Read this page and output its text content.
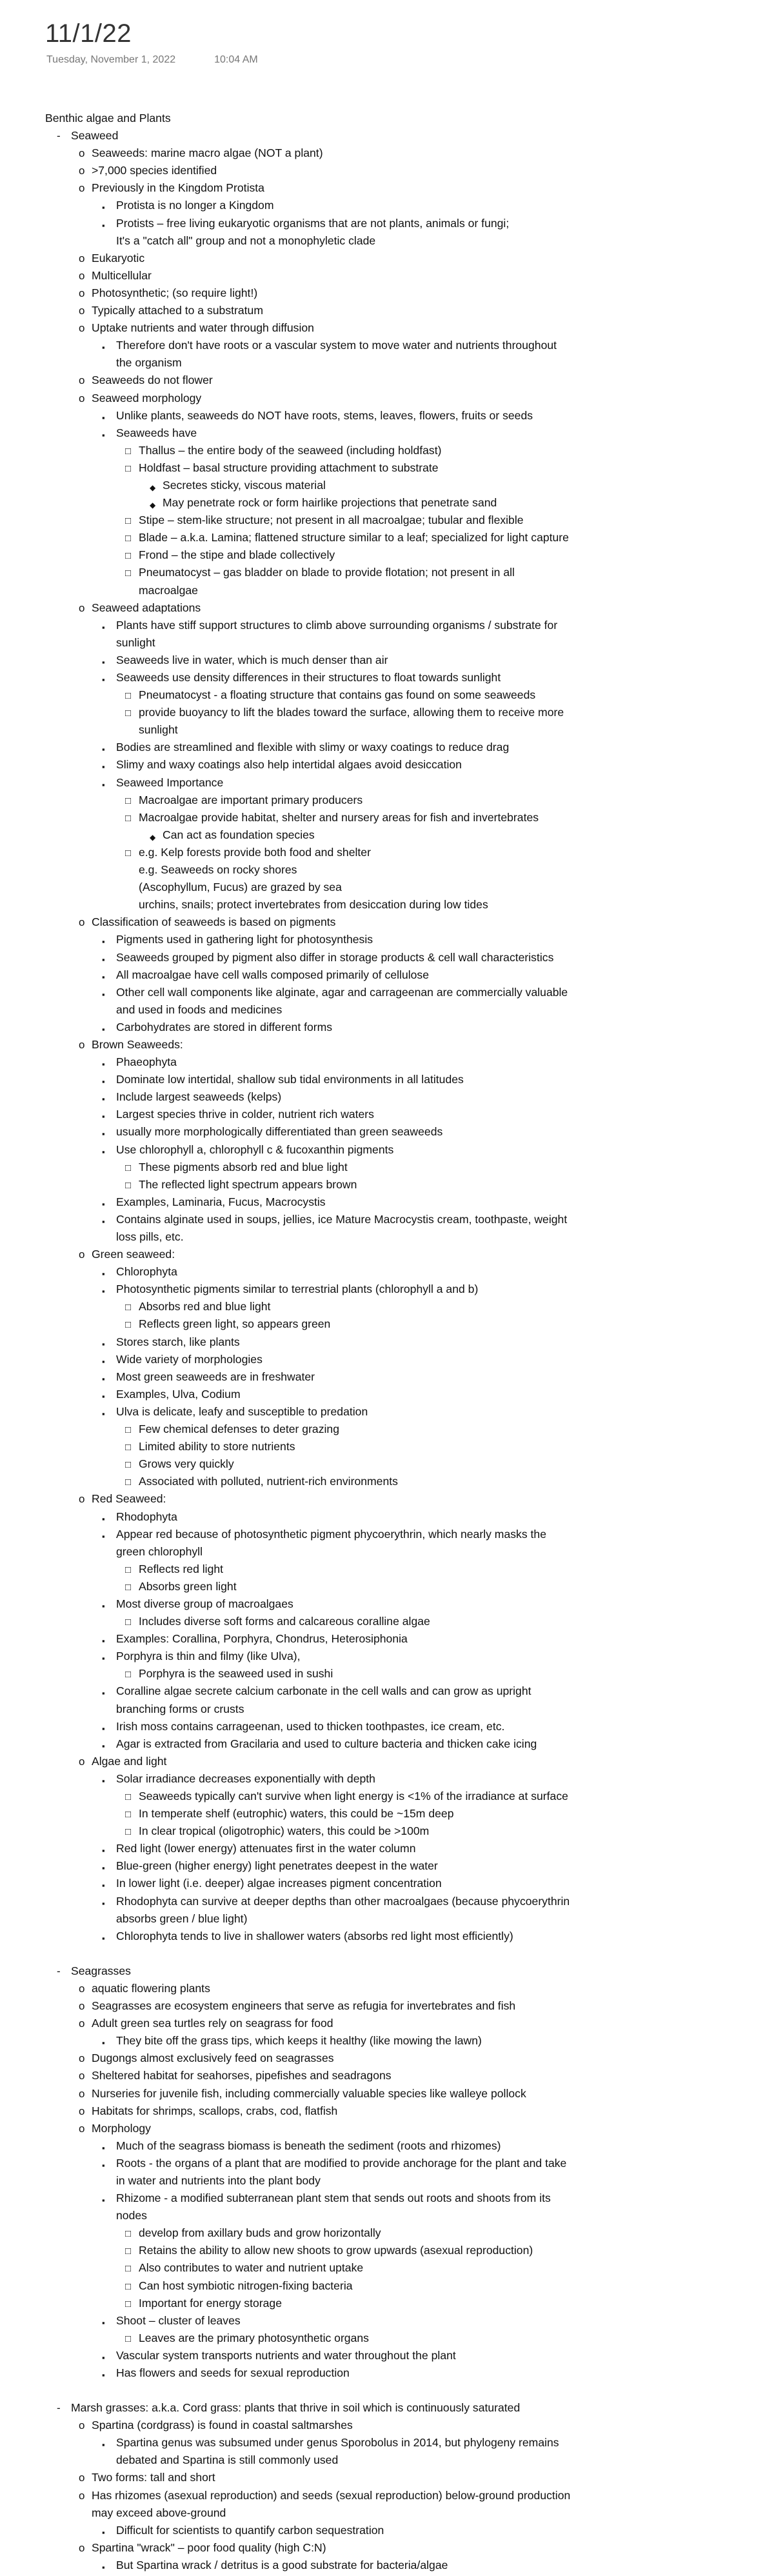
11/1/22
Tuesday, November 1, 2022	10:04 AM
Benthic algae and Plants
- Seaweed
o Seaweeds: marine macro algae (NOT a plant)
o >7,000 species identified
o Previously in the Kingdom Protista
▪ Protista is no longer a Kingdom
▪ Protists – free living eukaryotic organisms that are not plants, animals or fungi;
It's a "catch all" group and not a monophyletic clade
o Eukaryotic
o Multicellular
o Photosynthetic; (so require light!)
o Typically attached to a substratum
o Uptake nutrients and water through diffusion
▪ Therefore don't have roots or a vascular system to move water and nutrients throughout
the organism
o Seaweeds do not flower
o Seaweed morphology
▪ Unlike plants, seaweeds do NOT have roots, stems, leaves, flowers, fruits or seeds
▪ Seaweeds have
□ Thallus – the entire body of the seaweed (including holdfast)
□ Holdfast – basal structure providing attachment to substrate
◆ Secretes sticky, viscous material
◆ May penetrate rock or form hairlike projections that penetrate sand
□ Stipe – stem-like structure; not present in all macroalgae; tubular and flexible
□ Blade – a.k.a. Lamina; flattened structure similar to a leaf; specialized for light capture
□ Frond – the stipe and blade collectively
□ Pneumatocyst – gas bladder on blade to provide flotation; not present in all
macroalgae
o Seaweed adaptations
▪ Plants have stiff support structures to climb above surrounding organisms / substrate for
sunlight
▪ Seaweeds live in water, which is much denser than air
▪ Seaweeds use density differences in their structures to float towards sunlight
□ Pneumatocyst - a floating structure that contains gas found on some seaweeds
□ provide buoyancy to lift the blades toward the surface, allowing them to receive more
sunlight
▪ Bodies are streamlined and flexible with slimy or waxy coatings to reduce drag
▪ Slimy and waxy coatings also help intertidal algaes avoid desiccation
▪ Seaweed Importance
□ Macroalgae are important primary producers
□ Macroalgae provide habitat, shelter and nursery areas for fish and invertebrates
◆ Can act as foundation species
□ e.g. Kelp forests provide both food and shelter
e.g. Seaweeds on rocky shores
(Ascophyllum, Fucus) are grazed by sea
urchins, snails; protect invertebrates from desiccation during low tides
o Classification of seaweeds is based on pigments
▪ Pigments used in gathering light for photosynthesis
▪ Seaweeds grouped by pigment also differ in storage products & cell wall characteristics
▪ All macroalgae have cell walls composed primarily of cellulose
▪ Other cell wall components like alginate, agar and carrageenan are commercially valuable
and used in foods and medicines
▪ Carbohydrates are stored in different forms
o Brown Seaweeds:
▪ Phaeophyta
▪ Dominate low intertidal, shallow sub tidal environments in all latitudes
▪ Include largest seaweeds (kelps)
▪ Largest species thrive in colder, nutrient rich waters
▪ usually more morphologically differentiated than green seaweeds
▪ Use chlorophyll a, chlorophyll c & fucoxanthin pigments
□ These pigments absorb red and blue light
□ The reflected light spectrum appears brown
▪ Examples, Laminaria, Fucus, Macrocystis
▪ Contains alginate used in soups, jellies, ice Mature Macrocystis cream, toothpaste, weight
loss pills, etc.
o Green seaweed:
▪ Chlorophyta
▪ Photosynthetic pigments similar to terrestrial plants (chlorophyll a and b)
□ Absorbs red and blue light
□ Reflects green light, so appears green
▪ Stores starch, like plants
▪ Wide variety of morphologies
▪ Most green seaweeds are in freshwater
▪ Examples, Ulva, Codium
▪ Ulva is delicate, leafy and susceptible to predation
□ Few chemical defenses to deter grazing
□ Limited ability to store nutrients
□ Grows very quickly
□ Associated with polluted, nutrient-rich environments
o Red Seaweed:
▪ Rhodophyta
▪ Appear red because of photosynthetic pigment phycoerythrin, which nearly masks the
green chlorophyll
□ Reflects red light
□ Absorbs green light
▪ Most diverse group of macroalgaes
□ Includes diverse soft forms and calcareous coralline algae
▪ Examples: Corallina, Porphyra, Chondrus, Heterosiphonia
▪ Porphyra is thin and filmy (like Ulva),
□ Porphyra is the seaweed used in sushi
▪ Coralline algae secrete calcium carbonate in the cell walls and can grow as upright
branching forms or crusts
▪ Irish moss contains carrageenan, used to thicken toothpastes, ice cream, etc.
▪ Agar is extracted from Gracilaria and used to culture bacteria and thicken cake icing
o Algae and light
▪ Solar irradiance decreases exponentially with depth
□ Seaweeds typically can't survive when light energy is <1% of the irradiance at surface
□ In temperate shelf (eutrophic) waters, this could be ~15m deep
□ In clear tropical (oligotrophic) waters, this could be >100m
▪ Red light (lower energy) attenuates first in the water column
▪ Blue-green (higher energy) light penetrates deepest in the water
▪ In lower light (i.e. deeper) algae increases pigment concentration
▪ Rhodophyta can survive at deeper depths than other macroalgaes (because phycoerythrin
absorbs green / blue light)
▪ Chlorophyta tends to live in shallower waters (absorbs red light most efficiently)
- Seagrasses
o aquatic flowering plants
o Seagrasses are ecosystem engineers that serve as refugia for invertebrates and fish
o Adult green sea turtles rely on seagrass for food
▪ They bite off the grass tips, which keeps it healthy (like mowing the lawn)
o Dugongs almost exclusively feed on seagrasses
o Sheltered habitat for seahorses, pipefishes and seadragons
o Nurseries for juvenile fish, including commercially valuable species like walleye pollock
o Habitats for shrimps, scallops, crabs, cod, flatfish
o Morphology
▪ Much of the seagrass biomass is beneath the sediment (roots and rhizomes)
▪ Roots - the organs of a plant that are modified to provide anchorage for the plant and take
in water and nutrients into the plant body
▪ Rhizome - a modified subterranean plant stem that sends out roots and shoots from its
nodes
□ develop from axillary buds and grow horizontally
□ Retains the ability to allow new shoots to grow upwards (asexual reproduction)
□ Also contributes to water and nutrient uptake
□ Can host symbiotic nitrogen-fixing bacteria
□ Important for energy storage
▪ Shoot – cluster of leaves
□ Leaves are the primary photosynthetic organs
▪ Vascular system transports nutrients and water throughout the plant
▪ Has flowers and seeds for sexual reproduction
- Marsh grasses: a.k.a. Cord grass: plants that thrive in soil which is continuously saturated
o Spartina (cordgrass) is found in coastal saltmarshes
▪ Spartina genus was subsumed under genus Sporobolus in 2014, but phylogeny remains
debated and Spartina is still commonly used
o Two forms: tall and short
o Has rhizomes (asexual reproduction) and seeds (sexual reproduction) below-ground production
may exceed above-ground
▪ Difficult for scientists to quantify carbon sequestration
o Spartina "wrack" – poor food quality (high C:N)
▪ But Spartina wrack / detritus is a good substrate for bacteria/algae
